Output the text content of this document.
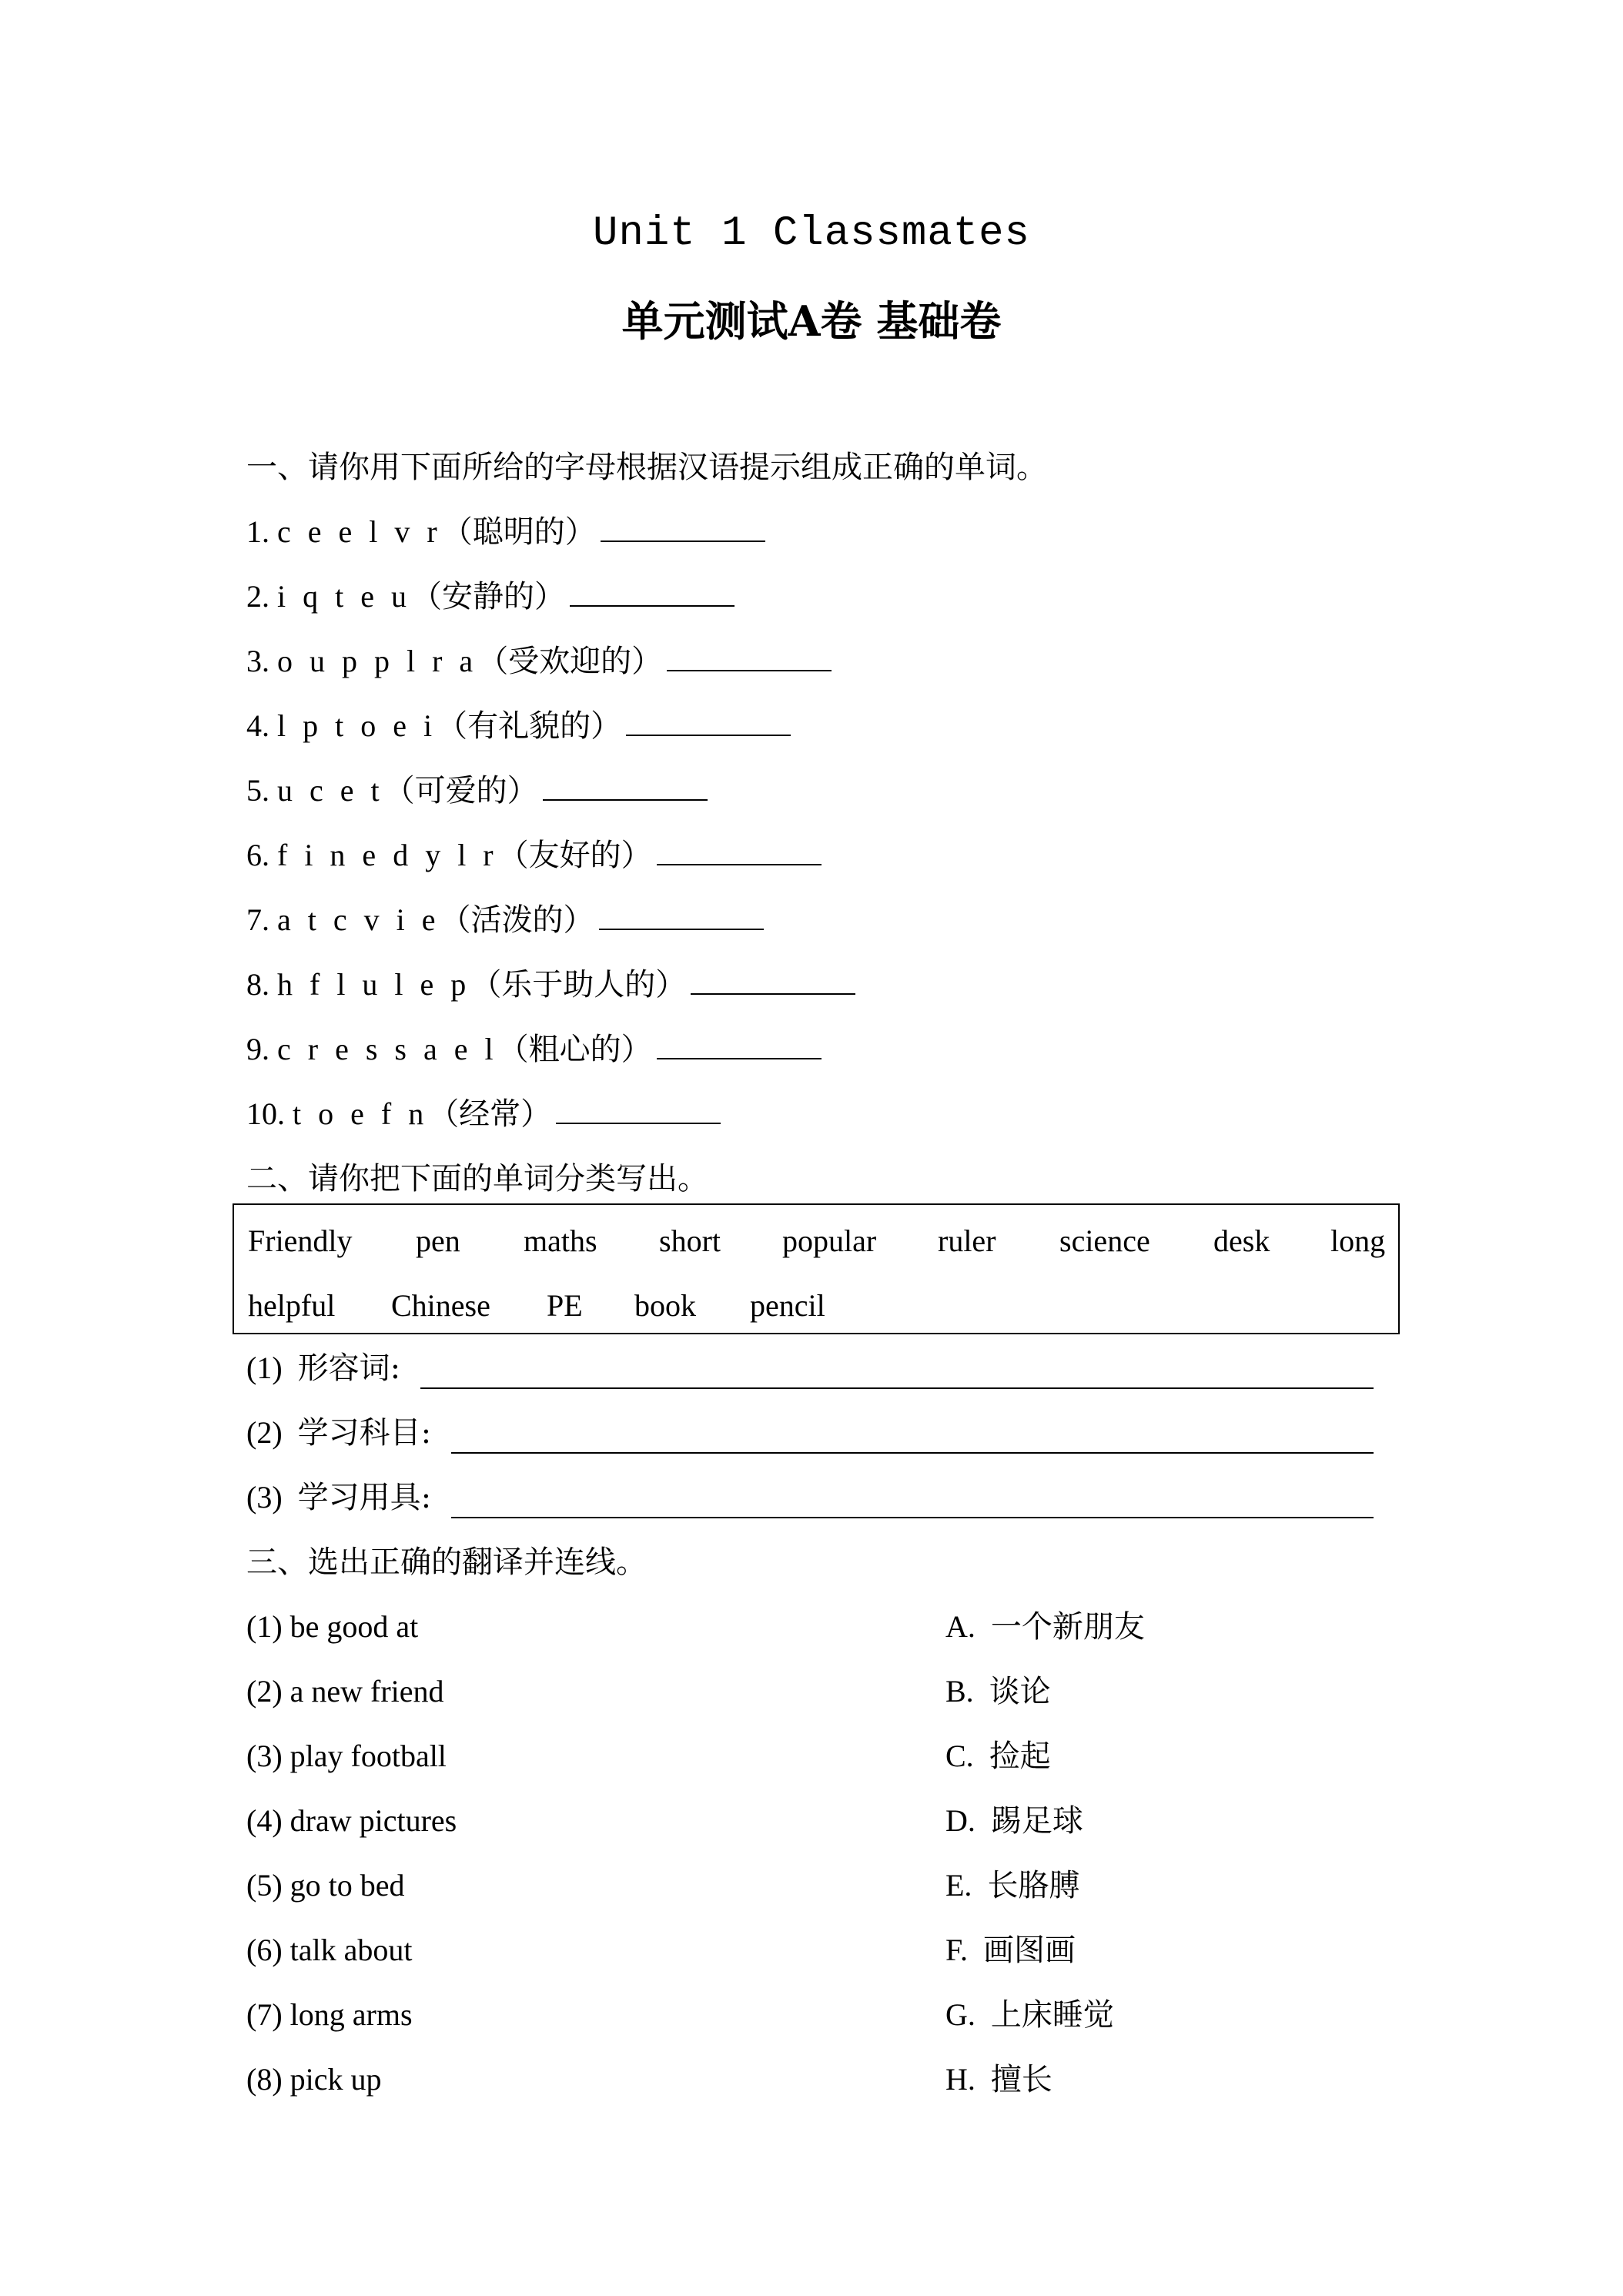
Unit 1 Classmates
单元测试A卷 基础卷
一、请你用下面所给的字母根据汉语提示组成正确的单词。
1. c e e l v r（聪明的）
2. i q t e u（安静的）
3. o u p p l r a（受欢迎的）
4. l p t o e i（有礼貌的）
5. u c e t（可爱的）
6. f i n e d y l r（友好的）
7. a t c v i e（活泼的）
8. h f l u l e p（乐于助人的）
9. c r e s s a e l（粗心的）
10. t o e f n（经常）
二、请你把下面的单词分类写出。
Friendly pen maths short popular ruler science desk long
helpful Chinese PE book pencil
(1) 形容词:
(2) 学习科目:
(3) 学习用具:
三、选出正确的翻译并连线。
(1) be good at
(2) a new friend
(3) play football
(4) draw pictures
(5) go to bed
(6) talk about
(7) long arms
(8) pick up
A. 一个新朋友
B. 谈论
C. 捡起
D. 踢足球
E. 长胳膊
F. 画图画
G. 上床睡觉
H. 擅长
